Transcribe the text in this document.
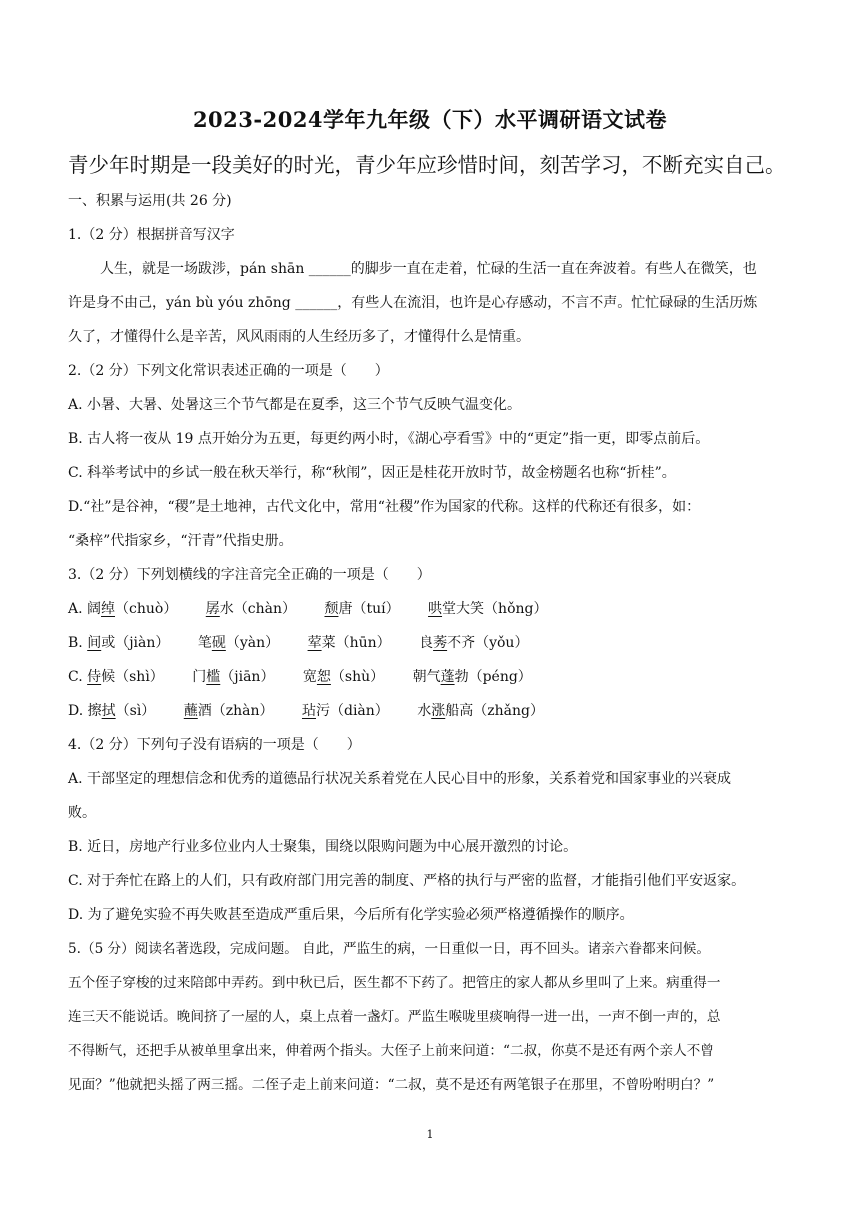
2023-2024学年九年级（下）水平调研语文试卷
青少年时期是一段美好的时光，青少年应珍惜时间，刻苦学习，不断充实自己。
一、积累与运用(共 26 分)
1.（2 分）根据拼音写汉字
人生，就是一场跋涉，pán shān ______的脚步一直在走着，忙碌的生活一直在奔波着。有些人在微笑，也
许是身不由己，yán bù yóu zhōng ______，有些人在流泪，也许是心存感动，不言不声。忙忙碌碌的生活历炼
久了，才懂得什么是辛苦，风风雨雨的人生经历多了，才懂得什么是情重。
2.（2 分）下列文化常识表述正确的一项是（　　）
A. 小暑、大暑、处暑这三个节气都是在夏季，这三个节气反映气温变化。
B. 古人将一夜从 19 点开始分为五更，每更约两小时，《湖心亭看雪》中的“更定”指一更，即零点前后。
C. 科举考试中的乡试一般在秋天举行，称“秋闱”，因正是桂花开放时节，故金榜题名也称“折桂”。
D.“社”是谷神，“稷”是土地神，古代文化中，常用“社稷”作为国家的代称。这样的代称还有很多，如：
“桑梓”代指家乡，“汗青”代指史册。
3.（2 分）下列划横线的字注音完全正确的一项是（　　）
A. 阔绰（chuò） 孱水（chàn） 颓唐（tuí） 哄堂大笑（hǒng）
B. 间或（jiàn） 笔砚（yàn） 荤菜（hūn） 良莠不齐（yǒu）
C. 侍候（shì） 门槛（jiān） 宽恕（shù） 朝气蓬勃（péng）
D. 擦拭（sì） 蘸酒（zhàn） 玷污（diàn） 水涨船高（zhǎng）
4.（2 分）下列句子没有语病的一项是（　　）
A. 干部坚定的理想信念和优秀的道德品行状况关系着党在人民心目中的形象，关系着党和国家事业的兴衰成
败。
B. 近日，房地产行业多位业内人士聚集，围绕以限购问题为中心展开激烈的讨论。
C. 对于奔忙在路上的人们，只有政府部门用完善的制度、严格的执行与严密的监督，才能指引他们平安返家。
D. 为了避免实验不再失败甚至造成严重后果，今后所有化学实验必须严格遵循操作的顺序。
5.（5 分）阅读名著选段，完成问题。 自此，严监生的病，一日重似一日，再不回头。诸亲六眷都来问候。
五个侄子穿梭的过来陪郎中弄药。到中秋已后，医生都不下药了。把管庄的家人都从乡里叫了上来。病重得一
连三天不能说话。晚间挤了一屋的人，桌上点着一盏灯。严监生喉咙里痰响得一进一出，一声不倒一声的，总
不得断气，还把手从被单里拿出来，伸着两个指头。大侄子上前来问道：“二叔，你莫不是还有两个亲人不曾
见面？”他就把头摇了两三摇。二侄子走上前来问道：“二叔，莫不是还有两笔银子在那里，不曾吩咐明白？”
1
